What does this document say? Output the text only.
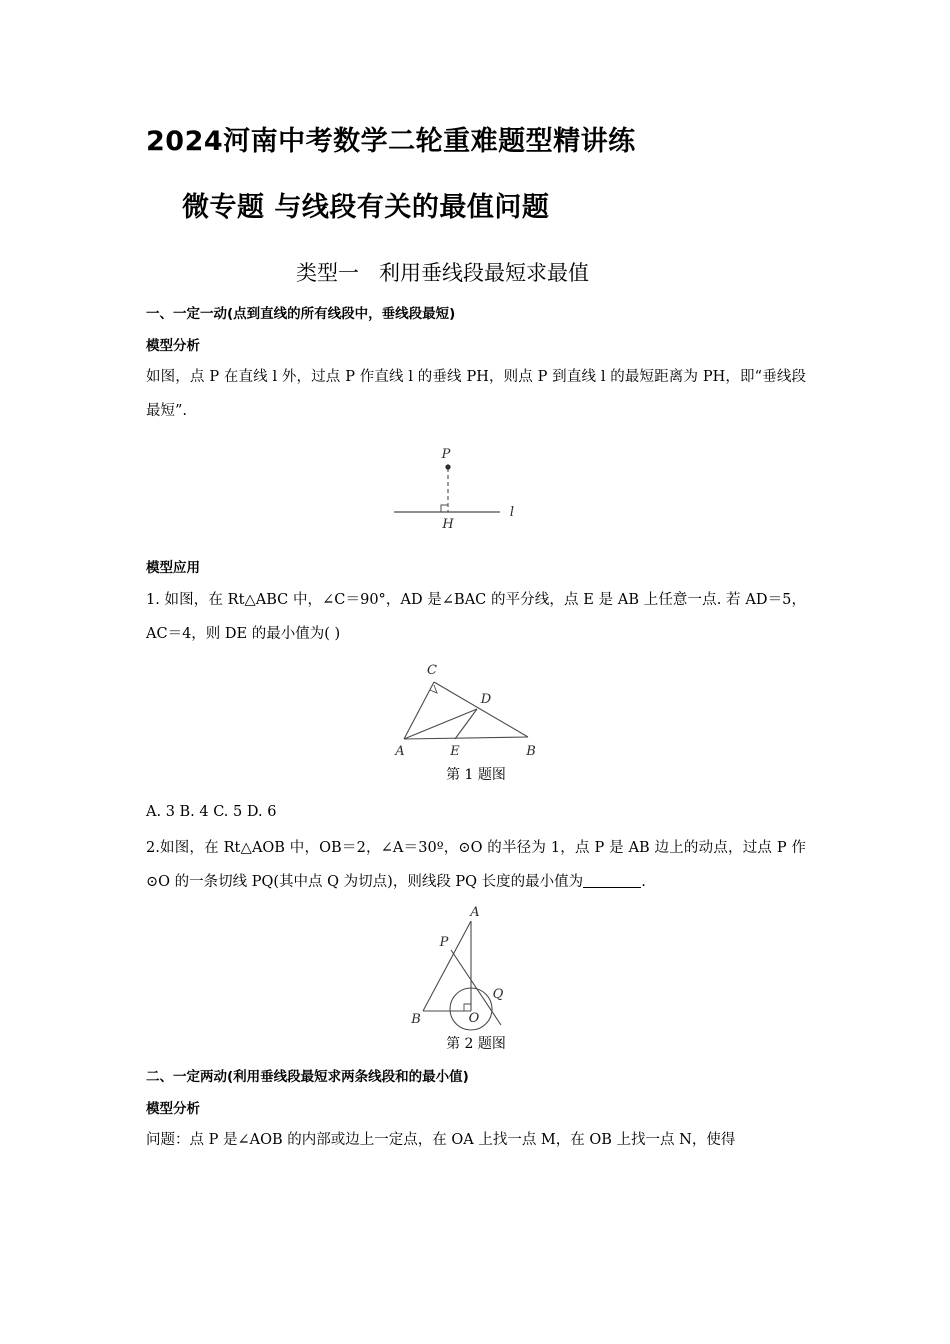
2024河南中考数学二轮重难题型精讲练
微专题 与线段有关的最值问题
类型一 利用垂线段最短求最值

一、一定一动(点到直线的所有线段中，垂线段最短)

模型分析

如图，点 P 在直线 l 外，过点 P 作直线 l 的垂线 PH，则点 P 到直线 l 的最短距离为 PH，即“垂线段最短”.

P
H
l

模型应用

1. 如图，在 Rt△ABC 中，∠C＝90°，AD 是∠BAC 的平分线，点 E 是 AB 上任意一点. 若 AD＝5，AC＝4，则 DE 的最小值为( )

C
D
A	E	B

第 1 题图

A. 3 B. 4 C. 5 D. 6

2.如图，在 Rt△AOB 中，OB＝2，∠A＝30º，⊙O 的半径为 1，点 P 是 AB 边上的动点，过点 P 作⊙O 的一条切线 PQ(其中点 Q 为切点)，则线段 PQ 长度的最小值为	.

A
P
Q
B	O

第 2 题图

二、一定两动(利用垂线段最短求两条线段和的最小值)

模型分析

问题：点 P 是∠AOB 的内部或边上一定点，在 OA 上找一点 M，在 OB 上找一点 N，使得
